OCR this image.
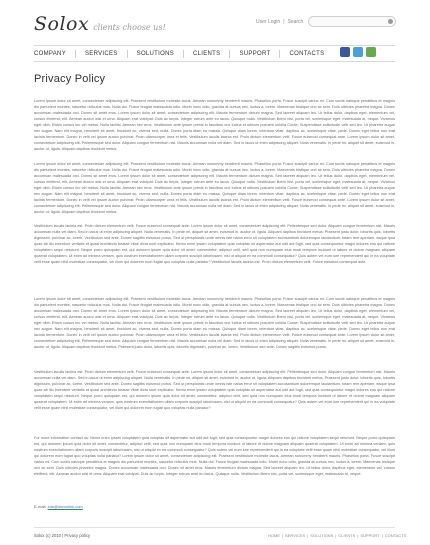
Solox clients choose us!
User Login | Search
COMPANY	SERVICES	SOLUTIONS	CLIENTS	SUPPORT	CONTACTS
Privacy Policy
Lorem ipsum dolor sit amet, consectetuer adipiscing elit. Praesent vestibulum molestie lacus. Aenean nonummy hendrerit mauris. Phasellus porta. Fusce suscipit varius mi. Cum sociis natoque penatibus et magnis dis parturient montes, nascetur ridiculus mus. Nulla dui. Fusce feugiat malesuada odio. Morbi nunc odio, gravida at cursus nec, luctus a, lorem. Maecenas tristique orci ac sem. Duis ultricies pharetra magna. Donec accumsan malesuada orci. Donec sit amet eros. Lorem ipsum dolor sit amet, consectetuer adipiscing elit. Mauris fermentum dictum magna. Sed laoreet aliquam leo. Ut tellus dolor, dapibus eget, elementum vel, cursus eleifend, elit. Aenean auctor wisi et urna. Aliquam erat volutpat. Duis ac turpis. Integer rutrum ante eu lacus. Quisque nulla. Vestibulum libero nisl, porta vel, scelerisque eget, malesuada at, neque. Vivamus eget nibh. Etiam cursus leo vel metus. Nulla facilisi. Aenean nec eros. Vestibulum ante ipsum primis in faucibus orci luctus et ultrices posuere cubilia Curae; Suspendisse sollicitudin velit sed leo. Ut pharetra augue nec augue. Nam elit magna, hendrerit sit amet, tincidunt ac, viverra sed, nulla. Donec porta diam eu massa. Quisque diam lorem, interdum vitae, dapibus ac, scelerisque vitae, pede. Donec eget tellus non erat lacinia fermentum. Donec in velit vel ipsum auctor pulvinar. Proin ullamcorper urna et felis. Vestibulum iaculis lacinia est. Proin dictum elementum velit. Fusce euismod consequat ante. Lorem ipsum dolor sit amet, consectetuer adipiscing elit. Pellentesque sed dolor. Aliquam congue fermentum nisl. Mauris accumsan nulla vel diam. Sed in lacus ut enim adipiscing aliquet. Nulla venenatis. In pede mi, aliquet sit amet, euismod in, auctor ut, ligula. Aliquam dapibus tincidunt metus.
Lorem ipsum dolor sit amet, consectetuer adipiscing elit. Praesent vestibulum molestie lacus. Aenean nonummy hendrerit mauris. Phasellus porta. Fusce suscipit varius mi. Cum sociis natoque penatibus et magnis dis parturient montes, nascetur ridiculus mus. Nulla dui. Fusce feugiat malesuada odio. Morbi nunc odio, gravida at cursus nec, luctus a, lorem. Maecenas tristique orci ac sem. Duis ultricies pharetra magna. Donec accumsan malesuada orci. Donec sit amet eros. Lorem ipsum dolor sit amet, consectetuer adipiscing elit. Mauris fermentum dictum magna. Sed laoreet aliquam leo. Ut tellus dolor, dapibus eget, elementum vel, cursus eleifend, elit. Aenean auctor wisi et urna. Aliquam erat volutpat. Duis ac turpis. Integer rutrum ante eu lacus. Quisque nulla. Vestibulum libero nisl, porta vel, scelerisque eget, malesuada at, neque. Vivamus eget nibh. Etiam cursus leo vel metus. Nulla facilisi. Aenean nec eros. Vestibulum ante ipsum primis in faucibus orci luctus et ultrices posuere cubilia Curae; Suspendisse sollicitudin velit sed leo. Ut pharetra augue nec augue. Nam elit magna, hendrerit sit amet, tincidunt ac, viverra sed, nulla. Donec porta diam eu massa. Quisque diam lorem, interdum vitae, dapibus ac, scelerisque vitae, pede. Donec eget tellus non erat lacinia fermentum. Donec in velit vel ipsum auctor pulvinar. Proin ullamcorper urna et felis. Vestibulum iaculis lacinia est. Proin dictum elementum velit. Fusce euismod consequat ante. Lorem ipsum dolor sit amet, consectetuer adipiscing elit. Pellentesque sed dolor. Aliquam congue fermentum nisl. Mauris accumsan nulla vel diam. Sed in lacus ut enim adipiscing aliquet. Nulla venenatis. In pede mi, aliquet sit amet, euismod in, auctor ut, ligula. Aliquam dapibus tincidunt metus.
Vestibulum iaculis lacinia est. Proin dictum elementum velit. Fusce euismod consequat ante. Lorem ipsum dolor sit amet, consectetuer adipiscing elit. Pellentesque sed dolor. Aliquam congue fermentum nisl. Mauris accumsan nulla vel diam. Sed in lacus ut enim adipiscing aliquet. Nulla venenatis. In pede mi, aliquet sit amet, euismod in, auctor ut, ligula. Aliquam dapibus tincidunt metus. Praesent justo dolor, lobortis quis, lobortis dignissim, pulvinar ac, lorem. Vestibulum sed ante. Donec sagittis euismod purus. Sed ut perspiciatis unde omnis iste natus error sit voluptatem accusantium doloremque laudantium, totam rem aperiam, eaque ipsa quae ab illo inventore veritatis et quasi architecto beatae vitae dicta sunt explicabo. Nemo enim ipsam voluptatem quia voluptas sit aspernatur aut odit aut fugit, sed quia consequuntur magni dolores eos qui ratione voluptatem sequi nesciunt. Neque porro quisquam est, qui dolorem ipsum quia dolor sit amet, consectetur, adipisci velit, sed quia non numquam eius modi tempora incidunt ut labore et dolore magnam aliquam quaerat voluptatem. Ut enim ad minima veniam, quis nostrum exercitationem ullam corporis suscipit laboriosam, nisi ut aliquid ex ea commodi consequatur? Quis autem vel eum iure reprehenderit qui in ea voluptate velit esse quam nihil molestiae consequatur, vel illum qui dolorem eum fugiat quo voluptas nulla pariatur? Vestibulum iaculis lacinia est. Proin dictum elementum velit. Fusce euismod consequat ante.
Lorem ipsum dolor sit amet, consectetuer adipiscing elit. Praesent vestibulum molestie lacus. Aenean nonummy hendrerit mauris. Phasellus porta. Fusce suscipit varius mi. Cum sociis natoque penatibus et magnis dis parturient montes, nascetur ridiculus mus. Nulla dui. Fusce feugiat malesuada odio. Morbi nunc odio, gravida at cursus nec, luctus a, lorem. Maecenas tristique orci ac sem. Duis ultricies pharetra magna. Donec accumsan malesuada orci. Donec sit amet eros. Lorem ipsum dolor sit amet, consectetuer adipiscing elit. Mauris fermentum dictum magna. Sed laoreet aliquam leo. Ut tellus dolor, dapibus eget, elementum vel, cursus eleifend, elit. Aenean auctor wisi et urna. Aliquam erat volutpat. Duis ac turpis. Integer rutrum ante eu lacus. Quisque nulla. Vestibulum libero nisl, porta vel, scelerisque eget, malesuada at, neque. Vivamus eget nibh. Etiam cursus leo vel metus. Nulla facilisi. Aenean nec eros. Vestibulum ante ipsum primis in faucibus orci luctus et ultrices posuere cubilia Curae; Suspendisse sollicitudin velit sed leo. Ut pharetra augue nec augue. Nam elit magna, hendrerit sit amet, tincidunt ac, viverra sed, nulla. Donec porta diam eu massa. Quisque diam lorem, interdum vitae, dapibus ac, scelerisque vitae, pede. Donec eget tellus non erat lacinia fermentum. Donec in velit vel ipsum auctor pulvinar. Proin ullamcorper urna et felis. Vestibulum iaculis lacinia est. Proin dictum elementum velit. Fusce euismod consequat ante. Lorem ipsum dolor sit amet, consectetuer adipiscing elit. Pellentesque sed dolor. Aliquam congue fermentum nisl. Mauris accumsan nulla vel diam. Sed in lacus ut enim adipiscing aliquet. Nulla venenatis. In pede mi, aliquet sit amet, euismod in, auctor ut, ligula. Aliquam dapibus tincidunt metus. Praesent justo dolor, lobortis quis, lobortis dignissim, pulvinar ac, lorem. Vestibulum sed ante. Donec sagittis euismod purus.
Vestibulum iaculis lacinia est. Proin dictum elementum velit. Fusce euismod consequat ante. Lorem ipsum dolor sit amet, consectetuer adipiscing elit. Pellentesque sed dolor. Aliquam congue fermentum nisl. Mauris accumsan nulla vel diam. Sed in lacus ut enim adipiscing aliquet. Nulla venenatis. In pede mi, aliquet sit amet, euismod in, auctor ut, ligula. Aliquam dapibus tincidunt metus. Praesent justo dolor, lobortis quis, lobortis dignissim, pulvinar ac, lorem. Vestibulum sed ante. Donec sagittis euismod purus. Sed ut perspiciatis unde omnis iste natus error sit voluptatem accusantium doloremque laudantium, totam rem aperiam, eaque ipsa quae ab illo inventore veritatis et quasi architecto beatae vitae dicta sunt explicabo. Nemo enim ipsam voluptatem quia voluptas sit aspernatur aut odit aut fugit, sed quia consequuntur magni dolores eos qui ratione voluptatem sequi nesciunt. Neque porro quisquam est, qui dolorem ipsum quia dolor sit amet, consectetur, adipisci velit, sed quia non numquam eius modi tempora incidunt ut labore et dolore magnam aliquam quaerat voluptatem. Ut enim ad minima veniam, quis nostrum exercitationem ullam corporis suscipit laboriosam, nisi ut aliquid ex ea commodi consequatur? Quis autem vel eum iure reprehenderit qui in ea voluptate velit esse quam nihil molestiae consequatur, vel illum qui dolorem eum fugiat quo voluptas nulla pariatur?
For more information contact us: Nemo enim ipsam voluptatem quia voluptas sit aspernatur aut odit aut fugit, sed quia consequuntur magni dolores eos qui ratione voluptatem sequi nesciunt. Neque porro quisquam est, qui dolorem ipsum quia dolor sit amet, consectetur, adipisci velit, sed quia non numquam eius modi tempora incidunt ut labore et dolore magnam aliquam quaerat voluptatem. Ut enim ad minima veniam, quis nostrum exercitationem ullam corporis suscipit laboriosam, nisi ut aliquid ex ea commodi consequatur? Quis autem vel eum iure reprehenderit qui in ea voluptate velit esse quam nihil molestiae consequatur, vel illum qui dolorem eum fugiat quo voluptas nulla pariatur? Lorem ipsum dolor sit amet, consectetuer adipiscing elit. Praesent vestibulum molestie lacus. Aenean nonummy hendrerit mauris. Phasellus porta. Fusce suscipit varius mi. Cum sociis natoque penatibus et magnis dis parturient montes, nascetur ridiculus mus. Nulla dui. Fusce feugiat malesuada odio. Morbi nunc odio, gravida at cursus nec, luctus a, lorem. Maecenas tristique orci ac sem. Duis ultricies pharetra magna. Donec accumsan malesuada orci. Donec sit amet eros. Mauris fermentum dictum magna. Sed laoreet aliquam leo. Ut tellus dolor, dapibus eget, elementum vel, cursus eleifend, elit. Aenean auctor wisi et urna. Aliquam erat volutpat. Duis ac turpis. Integer rutrum ante eu lacus. Quisque nulla. Vestibulum libero nisl, porta vel, scelerisque eget, malesuada at, neque.
E-mail: info@demolink.com
Solox (c) 2010 | Privacy policy	HOME | SERVICES | SOLUTIONS | CLIENTS | SUPPORT | CONTACTS
